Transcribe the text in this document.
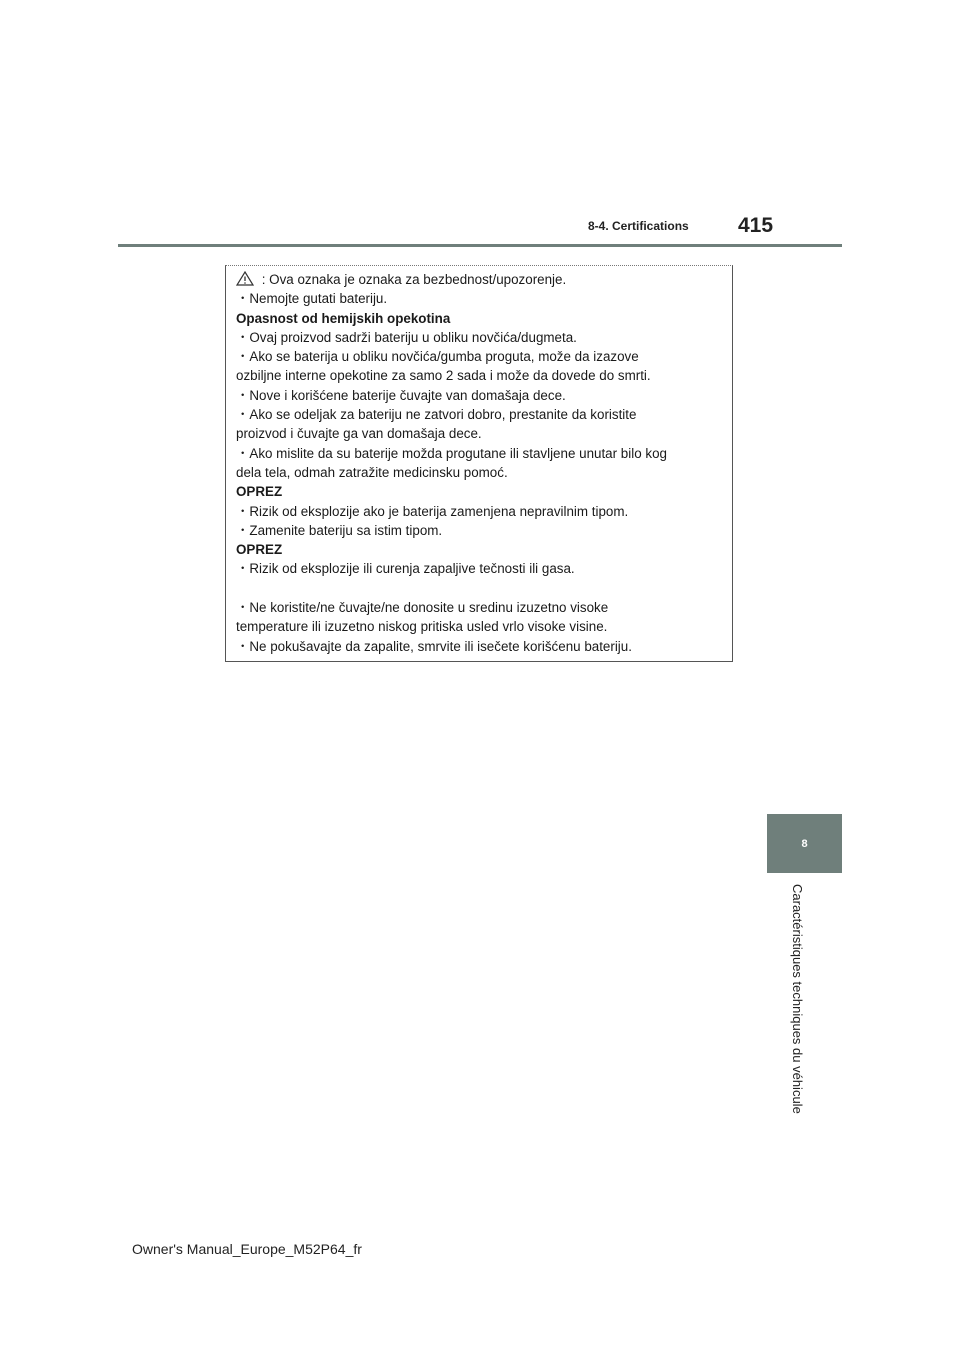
8-4. Certifications 415
: Ova oznaka je oznaka za bezbednost/upozorenje.
・Nemojte gutati bateriju.
Opasnost od hemijskih opekotina
・Ovaj proizvod sadrži bateriju u obliku novčića/dugmeta.
・Ako se baterija u obliku novčića/gumba proguta, može da izazove
ozbiljne interne opekotine za samo 2 sada i može da dovede do smrti.
・Nove i korišćene baterije čuvajte van domašaja dece.
・Ako se odeljak za bateriju ne zatvori dobro, prestanite da koristite
proizvod i čuvajte ga van domašaja dece.
・Ako mislite da su baterije možda progutane ili stavljene unutar bilo kog
dela tela, odmah zatražite medicinsku pomoć.
OPREZ
・Rizik od eksplozije ako je baterija zamenjena nepravilnim tipom.
・Zamenite bateriju sa istim tipom.
OPREZ
・Rizik od eksplozije ili curenja zapaljive tečnosti ili gasa.
・Ne koristite/ne čuvajte/ne donosite u sredinu izuzetno visoke
temperature ili izuzetno niskog pritiska usled vrlo visoke visine.
・Ne pokušavajte da zapalite, smrvite ili isečete korišćenu bateriju.
8
Caractéristiques techniques du véhicule
Owner's Manual_Europe_M52P64_fr
